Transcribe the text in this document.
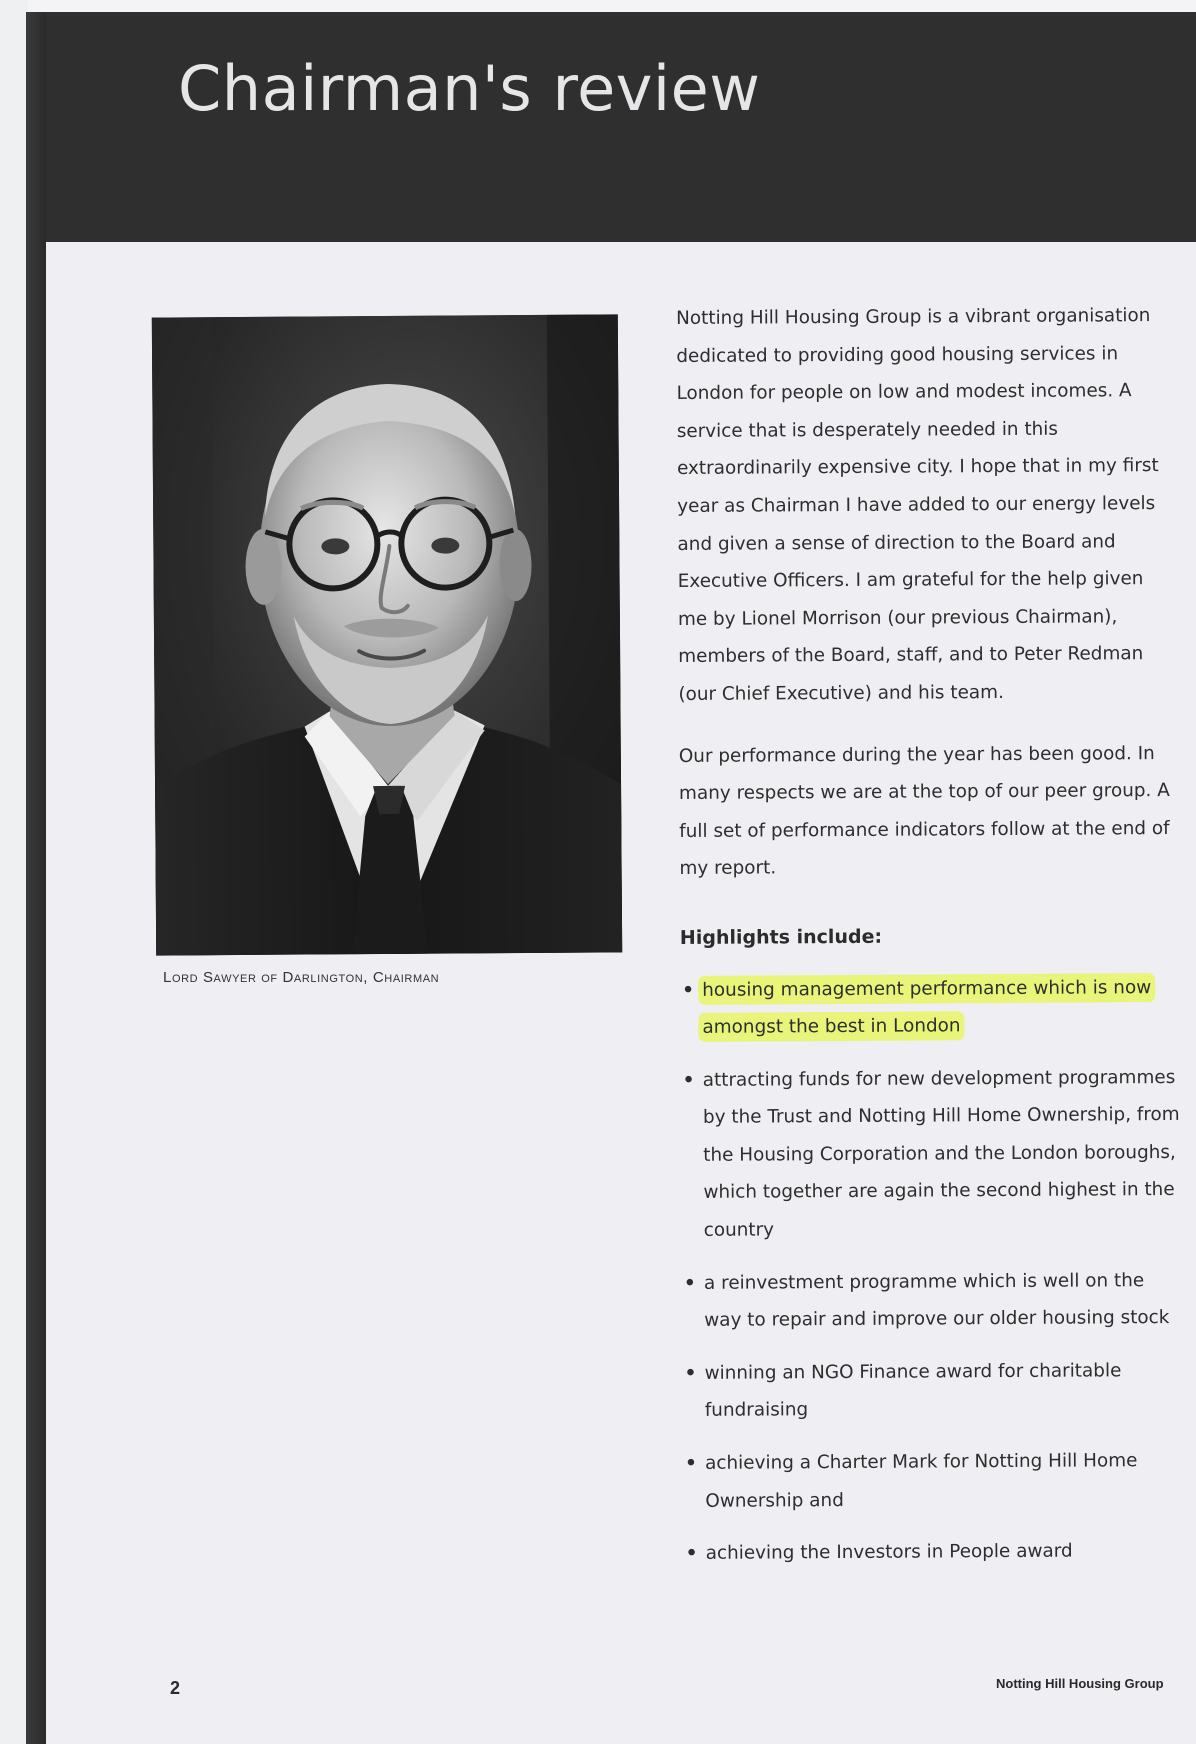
Chairman's review
Lord Sawyer of Darlington, Chairman

Notting Hill Housing Group is a vibrant organisation dedicated to providing good housing services in London for people on low and modest incomes. A service that is desperately needed in this extraordinarily expensive city. I hope that in my first year as Chairman I have added to our energy levels and given a sense of direction to the Board and Executive Officers. I am grateful for the help given me by Lionel Morrison (our previous Chairman), members of the Board, staff, and to Peter Redman (our Chief Executive) and his team.

Our performance during the year has been good. In many respects we are at the top of our peer group. A full set of performance indicators follow at the end of my report.

Highlights include:

• housing management performance which is now amongst the best in London
• attracting funds for new development programmes by the Trust and Notting Hill Home Ownership, from the Housing Corporation and the London boroughs, which together are again the second highest in the country
• a reinvestment programme which is well on the way to repair and improve our older housing stock
• winning an NGO Finance award for charitable fundraising
• achieving a Charter Mark for Notting Hill Home Ownership and
• achieving the Investors in People award
2	Notting Hill Housing Group
